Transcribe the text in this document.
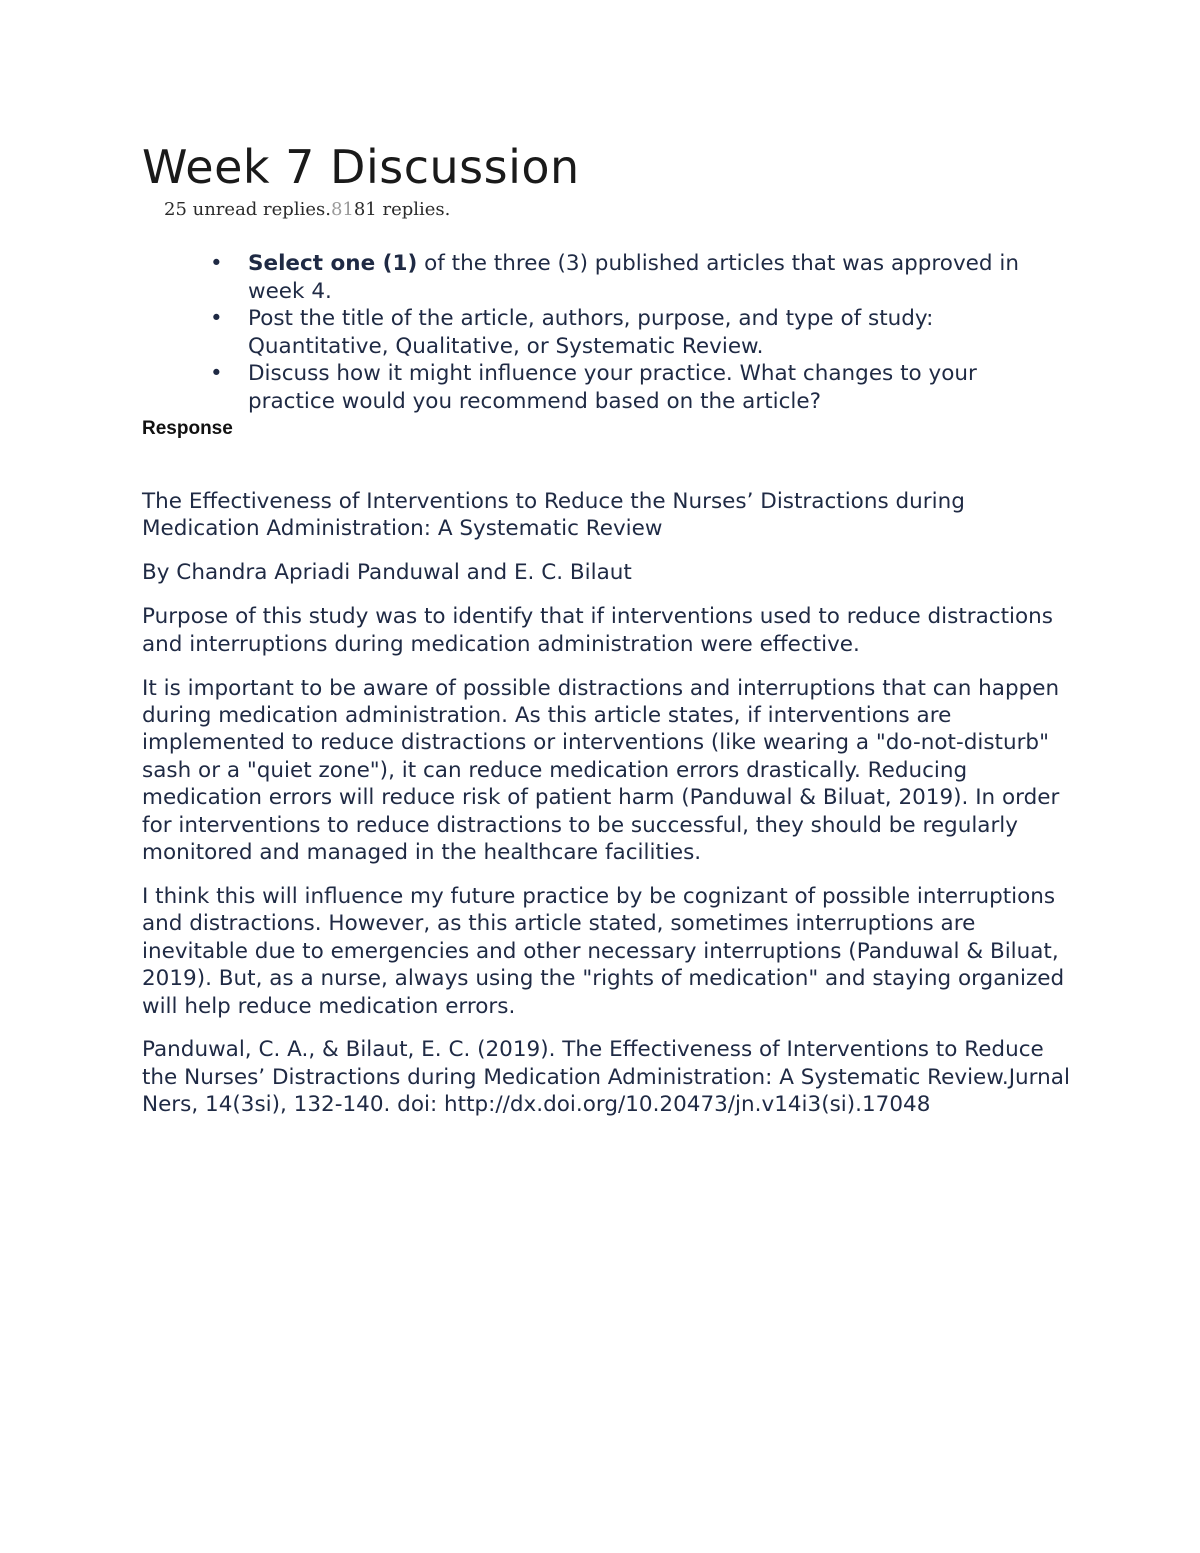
Week 7 Discussion
25 unread replies.8181 replies.
• Select one (1) of the three (3) published articles that was approved in week 4.
• Post the title of the article, authors, purpose, and type of study: Quantitative, Qualitative, or Systematic Review.
• Discuss how it might influence your practice. What changes to your practice would you recommend based on the article?
Response

The Effectiveness of Interventions to Reduce the Nurses’ Distractions during Medication Administration: A Systematic Review

By Chandra Apriadi Panduwal and E. C. Bilaut

Purpose of this study was to identify that if interventions used to reduce distractions and interruptions during medication administration were effective.

It is important to be aware of possible distractions and interruptions that can happen during medication administration. As this article states, if interventions are implemented to reduce distractions or interventions (like wearing a "do-not-disturb" sash or a "quiet zone"), it can reduce medication errors drastically. Reducing medication errors will reduce risk of patient harm (Panduwal & Biluat, 2019). In order for interventions to reduce distractions to be successful, they should be regularly monitored and managed in the healthcare facilities.

I think this will influence my future practice by be cognizant of possible interruptions and distractions. However, as this article stated, sometimes interruptions are inevitable due to emergencies and other necessary interruptions (Panduwal & Biluat, 2019). But, as a nurse, always using the "rights of medication" and staying organized will help reduce medication errors.

Panduwal, C. A., & Bilaut, E. C. (2019). The Effectiveness of Interventions to Reduce the Nurses’ Distractions during Medication Administration: A Systematic Review.Jurnal Ners, 14(3si), 132-140. doi: http://dx.doi.org/10.20473/jn.v14i3(si).17048
